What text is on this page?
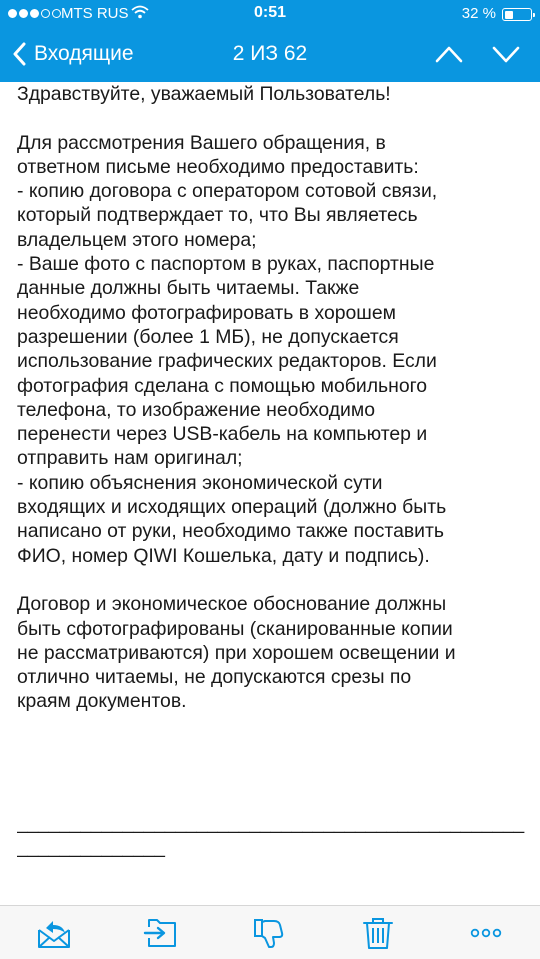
MTS RUS	0:51	32 %
Входящие	2 ИЗ 62
Здравствуйте, уважаемый Пользователь!

Для рассмотрения Вашего обращения, в
ответном письме необходимо предоставить:
- копию договора с оператором сотовой связи,
который подтверждает то, что Вы являетесь
владельцем этого номера;
- Ваше фото с паспортом в руках, паспортные
данные должны быть читаемы. Также
необходимо фотографировать в хорошем
разрешении (более 1 МБ), не допускается
использование графических редакторов. Если
фотография сделана с помощью мобильного
телефона, то изображение необходимо
перенести через USB-кабель на компьютер и
отправить нам оригинал;
- копию объяснения экономической сути
входящих и исходящих операций (должно быть
написано от руки, необходимо также поставить
ФИО, номер QIWI Кошелька, дату и подпись).

Договор и экономическое обоснование должны
быть сфотографированы (сканированные копии
не рассматриваются) при хорошем освещении и
отлично читаемы, не допускаются срезы по
краям документов.
________________________________________________
______________
